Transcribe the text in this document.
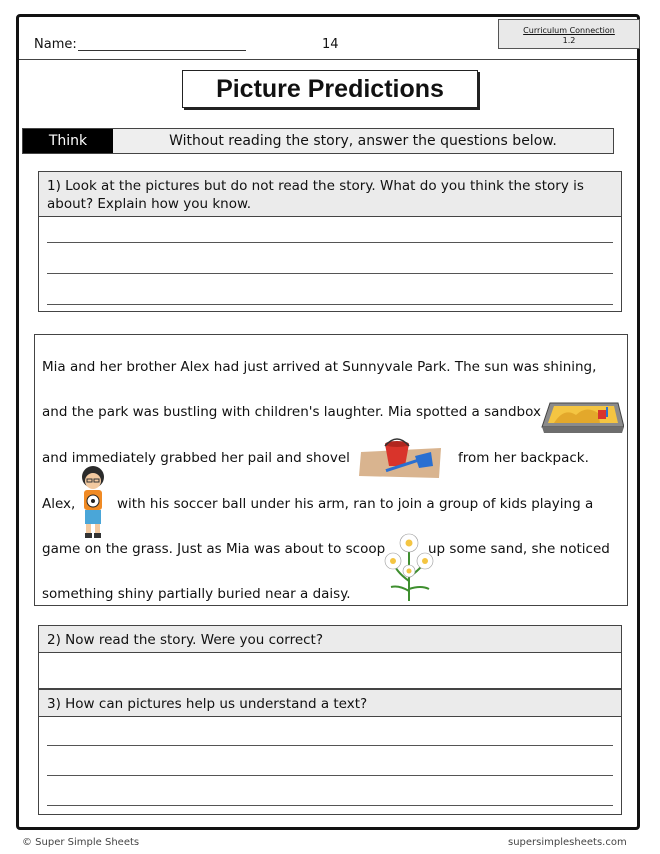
Name:	14
Curriculum Connection
1.2
Picture Predictions
Think	Without reading the story, answer the questions below.
1) Look at the pictures but do not read the story. What do you think the story is about? Explain how you know.
Mia and her brother Alex had just arrived at Sunnyvale Park. The sun was shining,
and the park was bustling with children's laughter. Mia spotted a sandbox
and immediately grabbed her pail and shovel	from her backpack.
Alex,	with his soccer ball under his arm, ran to join a group of kids playing a
game on the grass. Just as Mia was about to scoop	up some sand, she noticed
something shiny partially buried near a daisy.
2) Now read the story. Were you correct?
3) How can pictures help us understand a text?
© Super Simple Sheets	supersimplesheets.com
